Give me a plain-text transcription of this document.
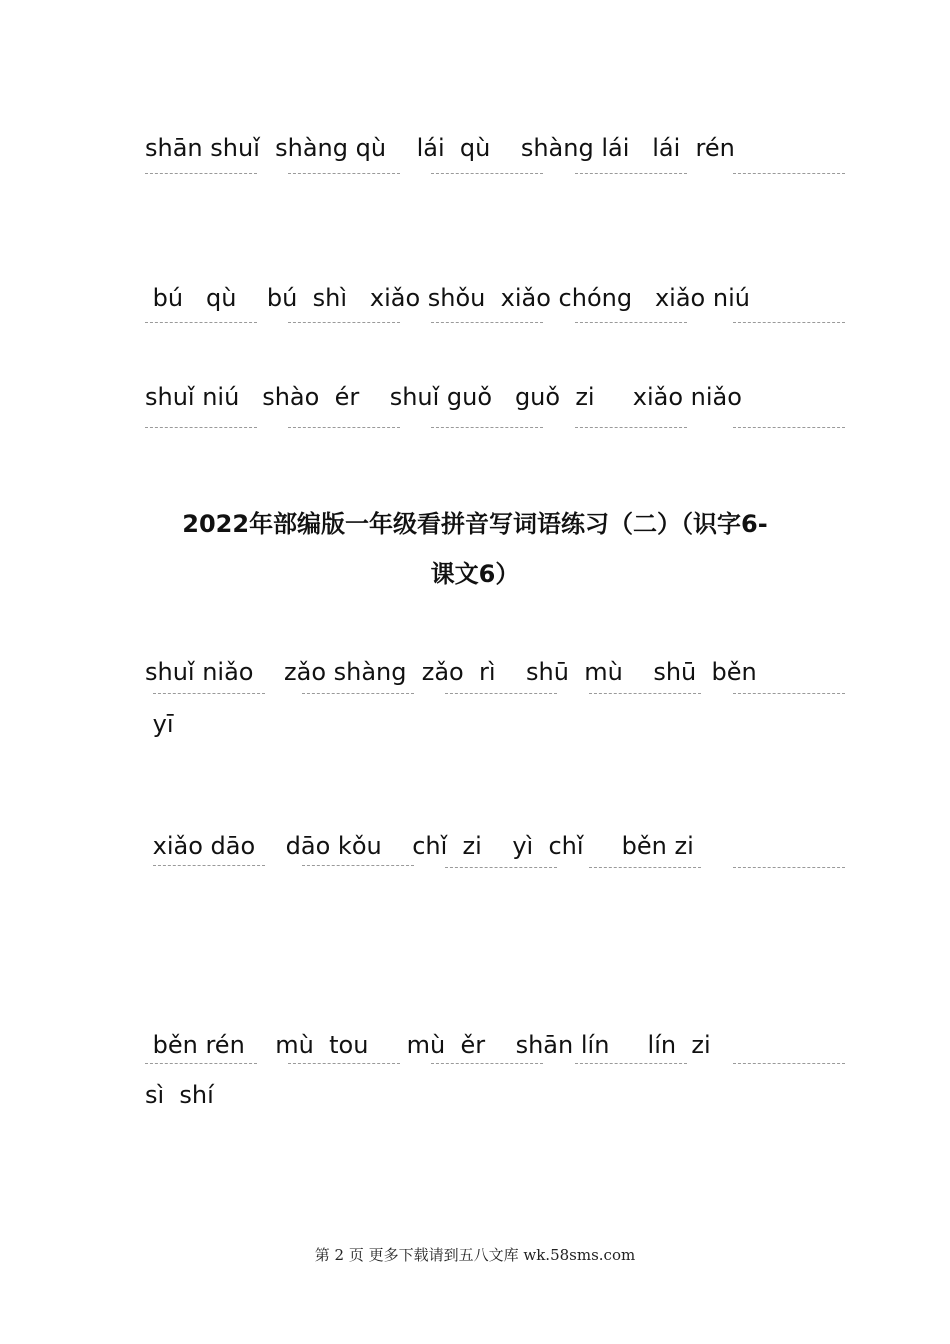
shān shuǐ  shàng qù    lái  qù    shàng lái   lái  rén
bú   qù    bú  shì   xiǎo shǒu  xiǎo chóng   xiǎo niú
shuǐ niú   shào  ér    shuǐ guǒ   guǒ  zi     xiǎo niǎo
2022年部编版一年级看拼音写词语练习（二）（识字6-
课文6）
shuǐ niǎo    zǎo shàng  zǎo  rì    shū  mù    shū  běn
yī
xiǎo dāo    dāo kǒu    chǐ  zi    yì  chǐ     běn zi
běn rén    mù  tou     mù  ěr    shān lín     lín  zi
sì  shí
第 2 页 更多下载请到五八文库 wk.58sms.com
